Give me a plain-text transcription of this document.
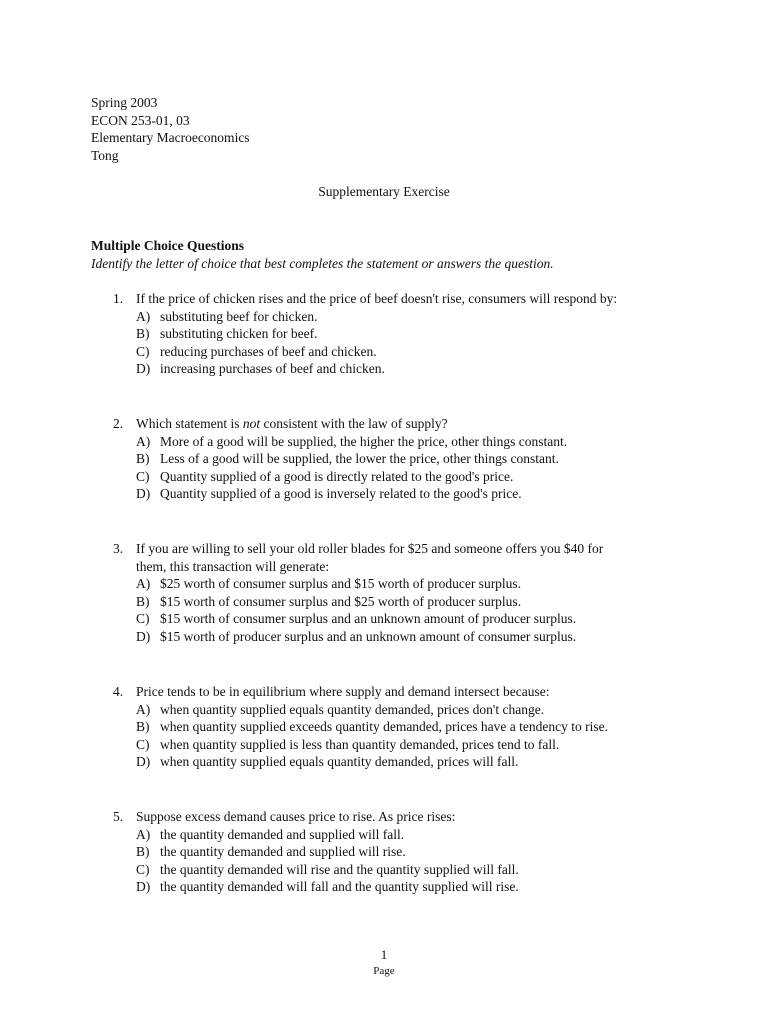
Spring 2003
ECON 253-01, 03
Elementary Macroeconomics
Tong
Supplementary Exercise
Multiple Choice Questions
Identify the letter of choice that best completes the statement or answers the question.
1. If the price of chicken rises and the price of beef doesn't rise, consumers will respond by:
A) substituting beef for chicken.
B) substituting chicken for beef.
C) reducing purchases of beef and chicken.
D) increasing purchases of beef and chicken.
2. Which statement is not consistent with the law of supply?
A) More of a good will be supplied, the higher the price, other things constant.
B) Less of a good will be supplied, the lower the price, other things constant.
C) Quantity supplied of a good is directly related to the good's price.
D) Quantity supplied of a good is inversely related to the good's price.
3. If you are willing to sell your old roller blades for $25 and someone offers you $40 for
them, this transaction will generate:
A) $25 worth of consumer surplus and $15 worth of producer surplus.
B) $15 worth of consumer surplus and $25 worth of producer surplus.
C) $15 worth of consumer surplus and an unknown amount of producer surplus.
D) $15 worth of producer surplus and an unknown amount of consumer surplus.
4. Price tends to be in equilibrium where supply and demand intersect because:
A) when quantity supplied equals quantity demanded, prices don't change.
B) when quantity supplied exceeds quantity demanded, prices have a tendency to rise.
C) when quantity supplied is less than quantity demanded, prices tend to fall.
D) when quantity supplied equals quantity demanded, prices will fall.
5. Suppose excess demand causes price to rise. As price rises:
A) the quantity demanded and supplied will fall.
B) the quantity demanded and supplied will rise.
C) the quantity demanded will rise and the quantity supplied will fall.
D) the quantity demanded will fall and the quantity supplied will rise.
1
Page
